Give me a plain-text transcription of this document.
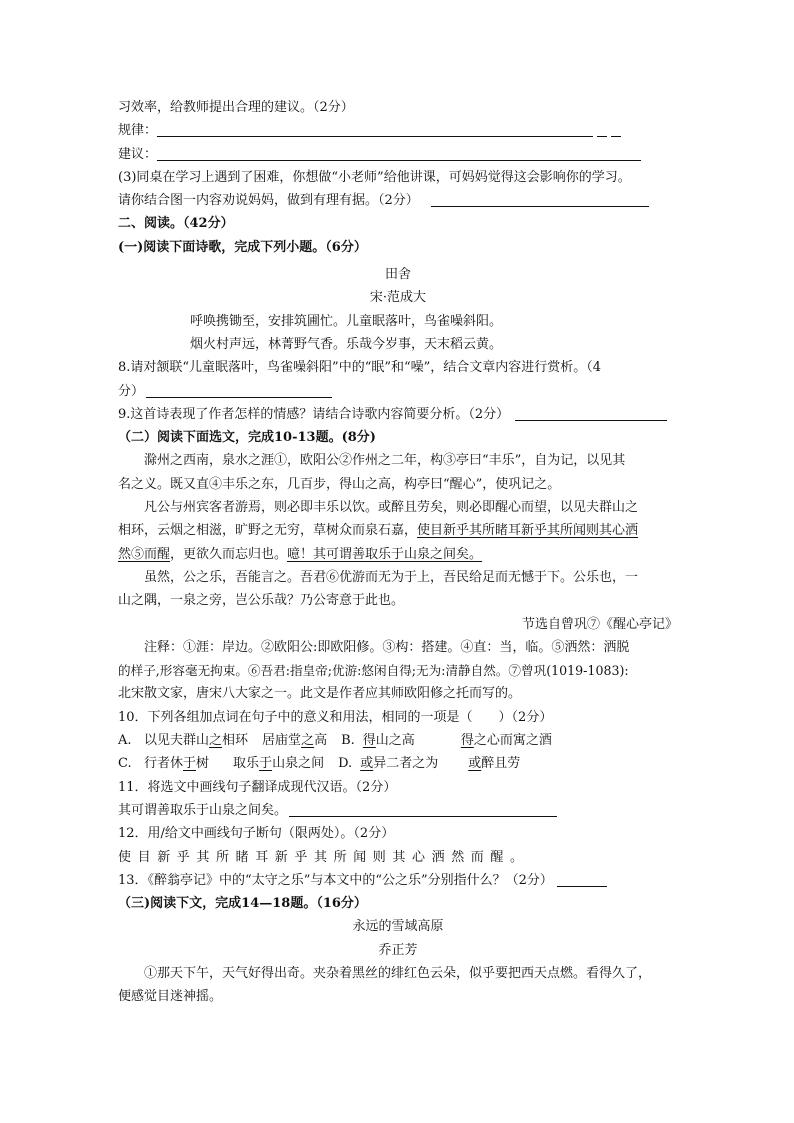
习效率，给教师提出合理的建议。（2分）
规律：
建议：
(3)同桌在学习上遇到了困难，你想做“小老师”给他讲课，可妈妈觉得这会影响你的学习。
请你结合图一内容劝说妈妈，做到有理有据。（2分）
二、阅读。（42分）
(一)阅读下面诗歌，完成下列小题。（6分）
田舍
宋·范成大
呼唤携锄至，安排筑圃忙。儿童眠落叶，鸟雀噪斜阳。
烟火村声远，林菁野气香。乐哉今岁事，天末稻云黄。
8.请对颔联“儿童眠落叶，鸟雀噪斜阳”中的“眠”和“噪”，结合文章内容进行赏析。（4
分）
9.这首诗表现了作者怎样的情感？请结合诗歌内容简要分析。（2分）
（二）阅读下面选文，完成10-13题。(8分)
滁州之西南，泉水之涯①，欧阳公②作州之二年，构③亭曰“丰乐”，自为记，以见其
名之义。既又直④丰乐之东，几百步，得山之高，构亭曰“醒心”，使巩记之。
凡公与州宾客者游焉，则必即丰乐以饮。或醉且劳矣，则必即醒心而望，以见夫群山之
相环，云烟之相滋，旷野之无穷，草树众而泉石嘉，使目新乎其所睹耳新乎其所闻则其心洒
然⑤而醒，更欲久而忘归也。噫！其可谓善取乐于山泉之间矣。
虽然，公之乐，吾能言之。吾君⑥优游而无为于上，吾民给足而无憾于下。公乐也，一
山之隅，一泉之旁，岂公乐哉？乃公寄意于此也。
节选自曾巩⑦《醒心亭记》
注释：①涯：岸边。②欧阳公:即欧阳修。③构：搭建。④直：当，临。⑤洒然：洒脱
的样子,形容毫无拘束。⑥吾君:指皇帝;优游:悠闲自得;无为:清静自然。⑦曾巩(1019-1083):
北宋散文家，唐宋八大家之一。此文是作者应其师欧阳修之托而写的。
10．下列各组加点词在句子中的意义和用法，相同的一项是（　　）（2分）
A. 以见夫群山之相环 居庙堂之高 B. 得山之高	得之心而寓之酒
C. 行者休于树 取乐于山泉之间 D. 或异二者之为 或醉且劳
11．将选文中画线句子翻译成现代汉语。（2分）
其可谓善取乐于山泉之间矣。
12．用/给文中画线句子断句（限两处）。（2分）
使目新乎其所睹耳新乎其所闻则其心洒然而醒。
13．《醉翁亭记》中的“太守之乐”与本文中的“公之乐”分别指什么？（2分）
（三)阅读下文，完成14—18题。（16分）
永远的雪域高原
乔正芳
①那天下午，天气好得出奇。夹杂着黑丝的绯红色云朵，似乎要把西天点燃。看得久了，
便感觉目迷神摇。
